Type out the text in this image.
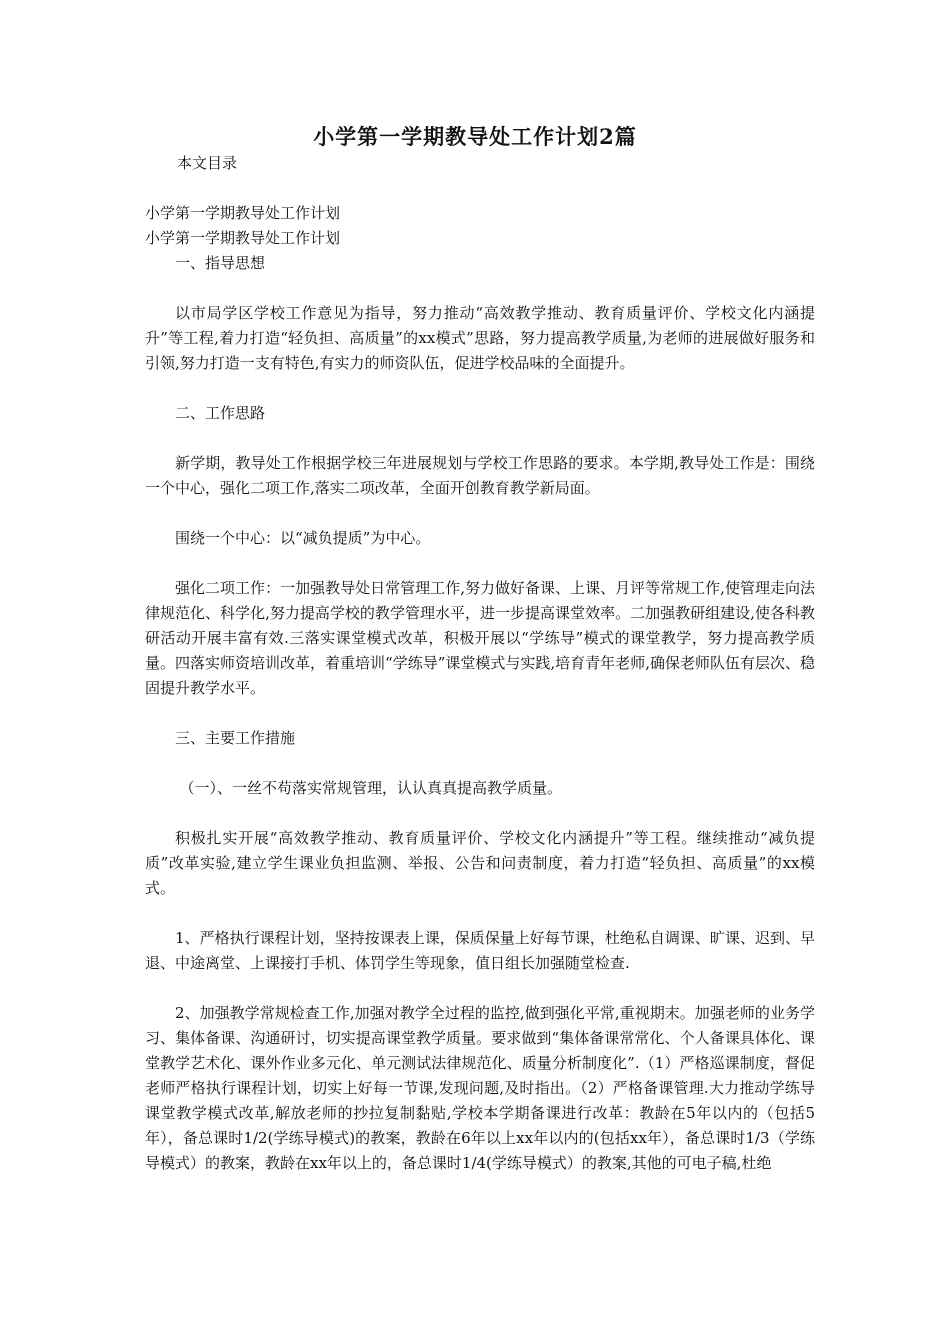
小学第一学期教导处工作计划2篇
本文目录
小学第一学期教导处工作计划
小学第一学期教导处工作计划

一、指导思想

以市局学区学校工作意见为指导，努力推动“高效教学推动、教育质量评价、学校文化内涵提升”等工程,着力打造“轻负担、高质量”的xx模式”思路，努力提高教学质量,为老师的进展做好服务和引领,努力打造一支有特色,有实力的师资队伍，促进学校品味的全面提升。

二、工作思路

新学期，教导处工作根据学校三年进展规划与学校工作思路的要求。本学期,教导处工作是：围绕一个中心，强化二项工作,落实二项改革，全面开创教育教学新局面。

围绕一个中心：以“减负提质”为中心。

强化二项工作：一加强教导处日常管理工作,努力做好备课、上课、月评等常规工作,使管理走向法律规范化、科学化,努力提高学校的教学管理水平，进一步提高课堂效率。二加强教研组建设,使各科教研活动开展丰富有效.三落实课堂模式改革，积极开展以“学练导”模式的课堂教学，努力提高教学质量。四落实师资培训改革，着重培训“学练导”课堂模式与实践,培育青年老师,确保老师队伍有层次、稳固提升教学水平。

三、主要工作措施

（一）、一丝不苟落实常规管理，认认真真提高教学质量。

积极扎实开展“高效教学推动、教育质量评价、学校文化内涵提升”等工程。继续推动“减负提质”改革实验,建立学生课业负担监测、举报、公告和问责制度，着力打造“轻负担、高质量”的xx模式。

1、严格执行课程计划，坚持按课表上课，保质保量上好每节课，杜绝私自调课、旷课、迟到、早退、中途离堂、上课接打手机、体罚学生等现象，值日组长加强随堂检查.

2、加强教学常规检查工作,加强对教学全过程的监控,做到强化平常,重视期末。加强老师的业务学习、集体备课、沟通研讨，切实提高课堂教学质量。要求做到“集体备课常常化、个人备课具体化、课堂教学艺术化、课外作业多元化、单元测试法律规范化、质量分析制度化”.（1）严格巡课制度，督促老师严格执行课程计划，切实上好每一节课,发现问题,及时指出。（2）严格备课管理.大力推动学练导课堂教学模式改革,解放老师的抄拉复制黏贴,学校本学期备课进行改革：教龄在5年以内的（包括5年），备总课时1/2(学练导模式)的教案，教龄在6年以上xx年以内的(包括xx年），备总课时1/3（学练导模式）的教案，教龄在xx年以上的，备总课时1/4(学练导模式）的教案,其他的可电子稿,杜绝
